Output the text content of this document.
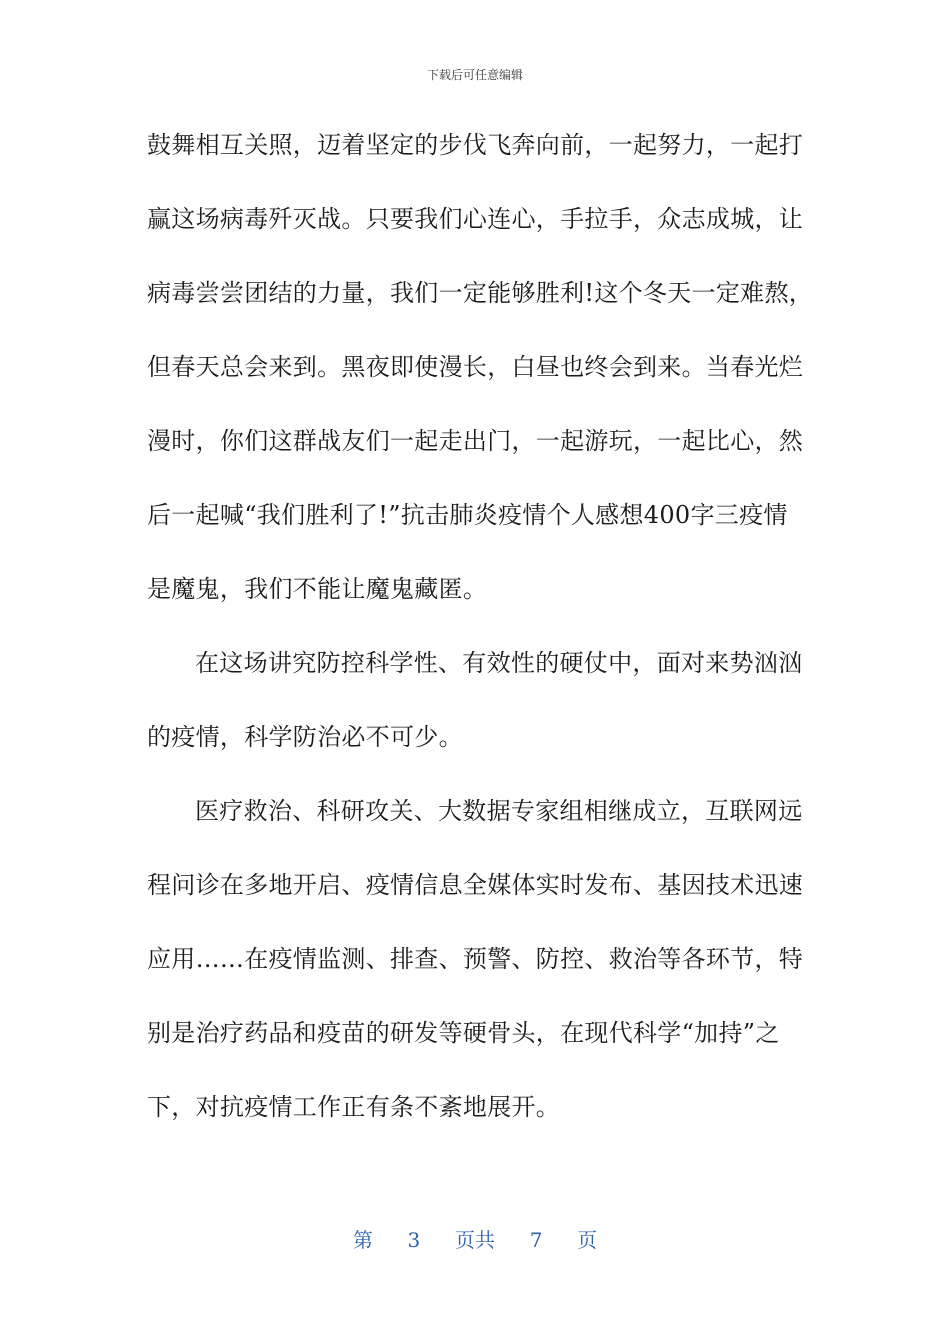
下载后可任意编辑
鼓舞相互关照，迈着坚定的步伐飞奔向前，一起努力，一起打
赢这场病毒歼灭战。只要我们心连心，手拉手，众志成城，让
病毒尝尝团结的力量，我们一定能够胜利!这个冬天一定难熬，
但春天总会来到。黑夜即使漫长，白昼也终会到来。当春光烂
漫时，你们这群战友们一起走出门，一起游玩，一起比心，然
后一起喊“我们胜利了!”抗击肺炎疫情个人感想400字三疫情
是魔鬼，我们不能让魔鬼藏匿。
在这场讲究防控科学性、有效性的硬仗中，面对来势汹汹
的疫情，科学防治必不可少。
医疗救治、科研攻关、大数据专家组相继成立，互联网远
程问诊在多地开启、疫情信息全媒体实时发布、基因技术迅速
应用……在疫情监测、排查、预警、防控、救治等各环节，特
别是治疗药品和疫苗的研发等硬骨头，在现代科学“加持”之
下，对抗疫情工作正有条不紊地展开。
第 3 页共 7 页
